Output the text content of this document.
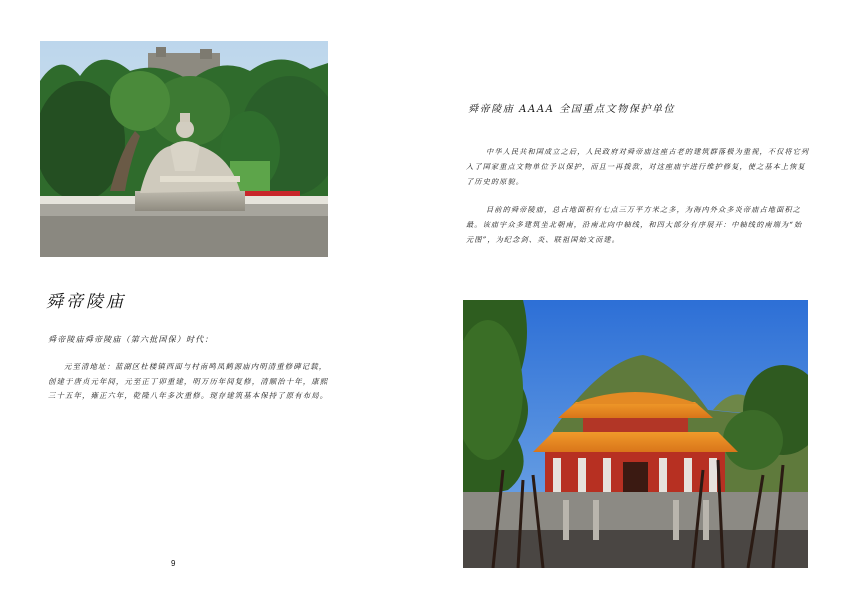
舜帝陵庙
舜帝陵庙舜帝陵庙（第六批国保）时代：

元至清地址：蓝湖区杜楼镇西面与村南鸣凤鹤源庙内明清重修碑记载，创建于唐贞元年间，元至正丁卯重建，明万历年间复修，清顺治十年，康熙三十五年，雍正六年，乾隆八年多次重修。现存建筑基本保持了原有布局。

9
舜帝陵庙 AAAA 全国重点文物保护单位

中华人民共和国成立之后，人民政府对舜帝庙这座古老的建筑群落极为重视，不仅将它列入了国家重点文物单位予以保护，而且一再拨款，对这座庙宇进行维护修复，使之基本上恢复了历史的原貌。

目前的舜帝陵庙，总占地面积有七点三万平方米之多，为海内外众多炎帝庙占地面积之最。该庙宇众多建筑坐北朝南，沿南北向中轴线，和四大部分有序展开：中轴线的南端为“始元图”，为纪念剑、炎、联祖国始文而建。
